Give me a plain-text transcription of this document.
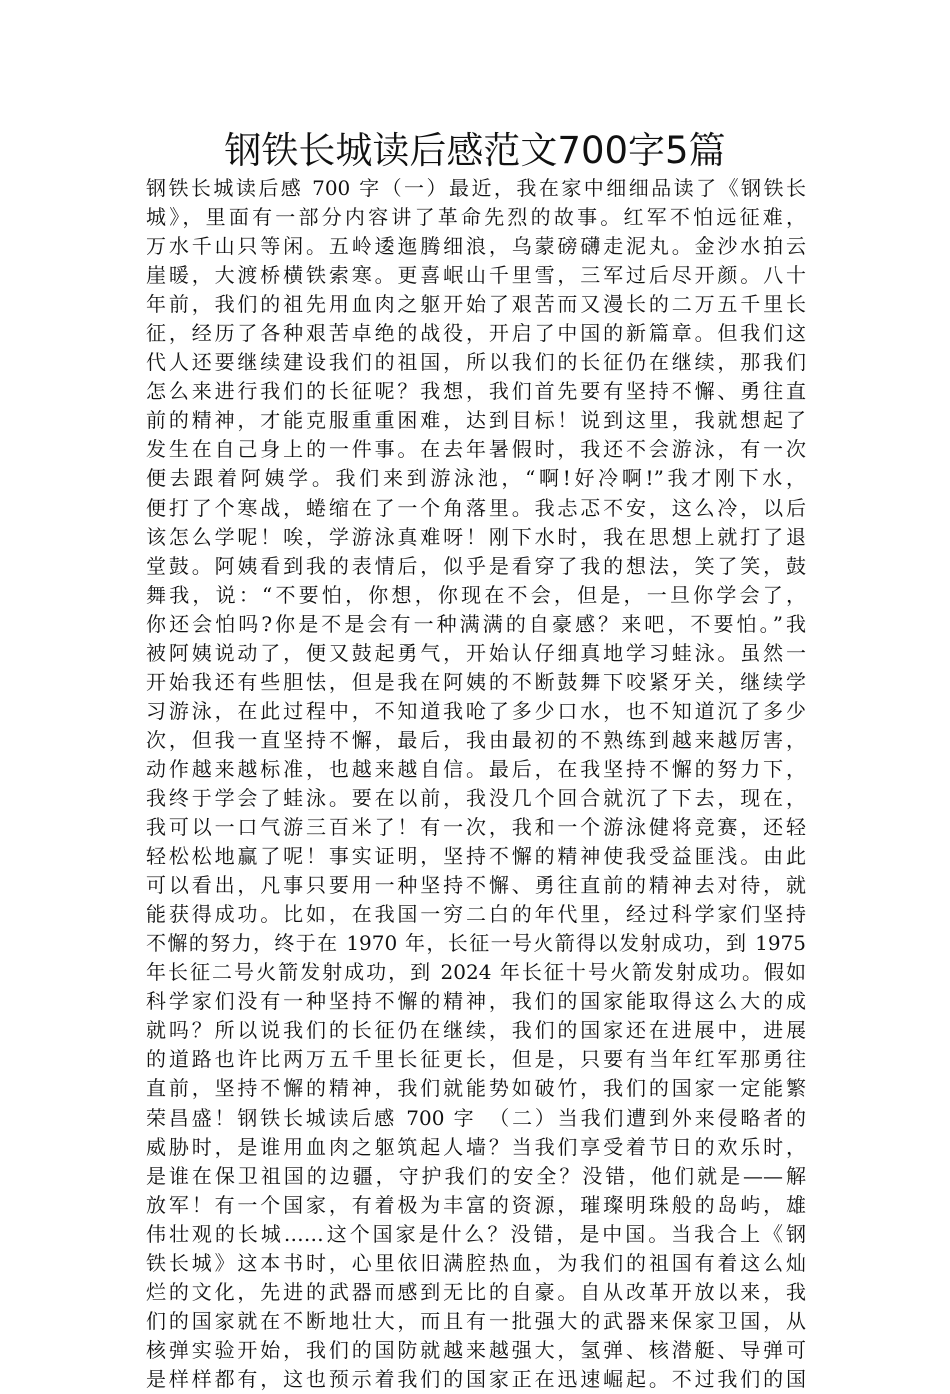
钢铁长城读后感范文700字5篇
钢铁长城读后感 700 字（一）最近，我在家中细细品读了《钢铁长
城》，里面有一部分内容讲了革命先烈的故事。红军不怕远征难，
万水千山只等闲。五岭逶迤腾细浪，乌蒙磅礴走泥丸。金沙水拍云
崖暖，大渡桥横铁索寒。更喜岷山千里雪，三军过后尽开颜。八十
年前，我们的祖先用血肉之躯开始了艰苦而又漫长的二万五千里长
征，经历了各种艰苦卓绝的战役，开启了中国的新篇章。但我们这
代人还要继续建设我们的祖国，所以我们的长征仍在继续，那我们
怎么来进行我们的长征呢？我想，我们首先要有坚持不懈、勇往直
前的精神，才能克服重重困难，达到目标！说到这里，我就想起了
发生在自己身上的一件事。在去年暑假时，我还不会游泳，有一次
便去跟着阿姨学。我们来到游泳池，“啊!好冷啊!”我才刚下水，
便打了个寒战，蜷缩在了一个角落里。我忐忑不安，这么冷，以后
该怎么学呢！唉，学游泳真难呀！刚下水时，我在思想上就打了退
堂鼓。阿姨看到我的表情后，似乎是看穿了我的想法，笑了笑，鼓
舞我，说：“不要怕，你想，你现在不会，但是，一旦你学会了，
你还会怕吗?你是不是会有一种满满的自豪感？来吧，不要怕。”我
被阿姨说动了，便又鼓起勇气，开始认仔细真地学习蛙泳。虽然一
开始我还有些胆怯，但是我在阿姨的不断鼓舞下咬紧牙关，继续学
习游泳，在此过程中，不知道我呛了多少口水，也不知道沉了多少
次，但我一直坚持不懈，最后，我由最初的不熟练到越来越厉害，
动作越来越标准，也越来越自信。最后，在我坚持不懈的努力下，
我终于学会了蛙泳。要在以前，我没几个回合就沉了下去，现在，
我可以一口气游三百米了！有一次，我和一个游泳健将竞赛，还轻
轻松松地赢了呢！事实证明，坚持不懈的精神使我受益匪浅。由此
可以看出，凡事只要用一种坚持不懈、勇往直前的精神去对待，就
能获得成功。比如，在我国一穷二白的年代里，经过科学家们坚持
不懈的努力，终于在 1970 年，长征一号火箭得以发射成功，到 1975
年长征二号火箭发射成功，到 2024 年长征十号火箭发射成功。假如
科学家们没有一种坚持不懈的精神，我们的国家能取得这么大的成
就吗？所以说我们的长征仍在继续，我们的国家还在进展中，进展
的道路也许比两万五千里长征更长，但是，只要有当年红军那勇往
直前，坚持不懈的精神，我们就能势如破竹，我们的国家一定能繁
荣昌盛！钢铁长城读后感 700 字　（二）当我们遭到外来侵略者的
威胁时，是谁用血肉之躯筑起人墙？当我们享受着节日的欢乐时，
是谁在保卫祖国的边疆，守护我们的安全？没错，他们就是——解
放军！有一个国家，有着极为丰富的资源，璀璨明珠般的岛屿，雄
伟壮观的长城……这个国家是什么？没错，是中国。当我合上《钢
铁长城》这本书时，心里依旧满腔热血，为我们的祖国有着这么灿
烂的文化，先进的武器而感到无比的自豪。自从改革开放以来，我
们的国家就在不断地壮大，而且有一批强大的武器来保家卫国，从
核弹实验开始，我们的国防就越来越强大，氢弹、核潜艇、导弹可
是样样都有，这也预示着我们的国家正在迅速崛起。不过我们的国
